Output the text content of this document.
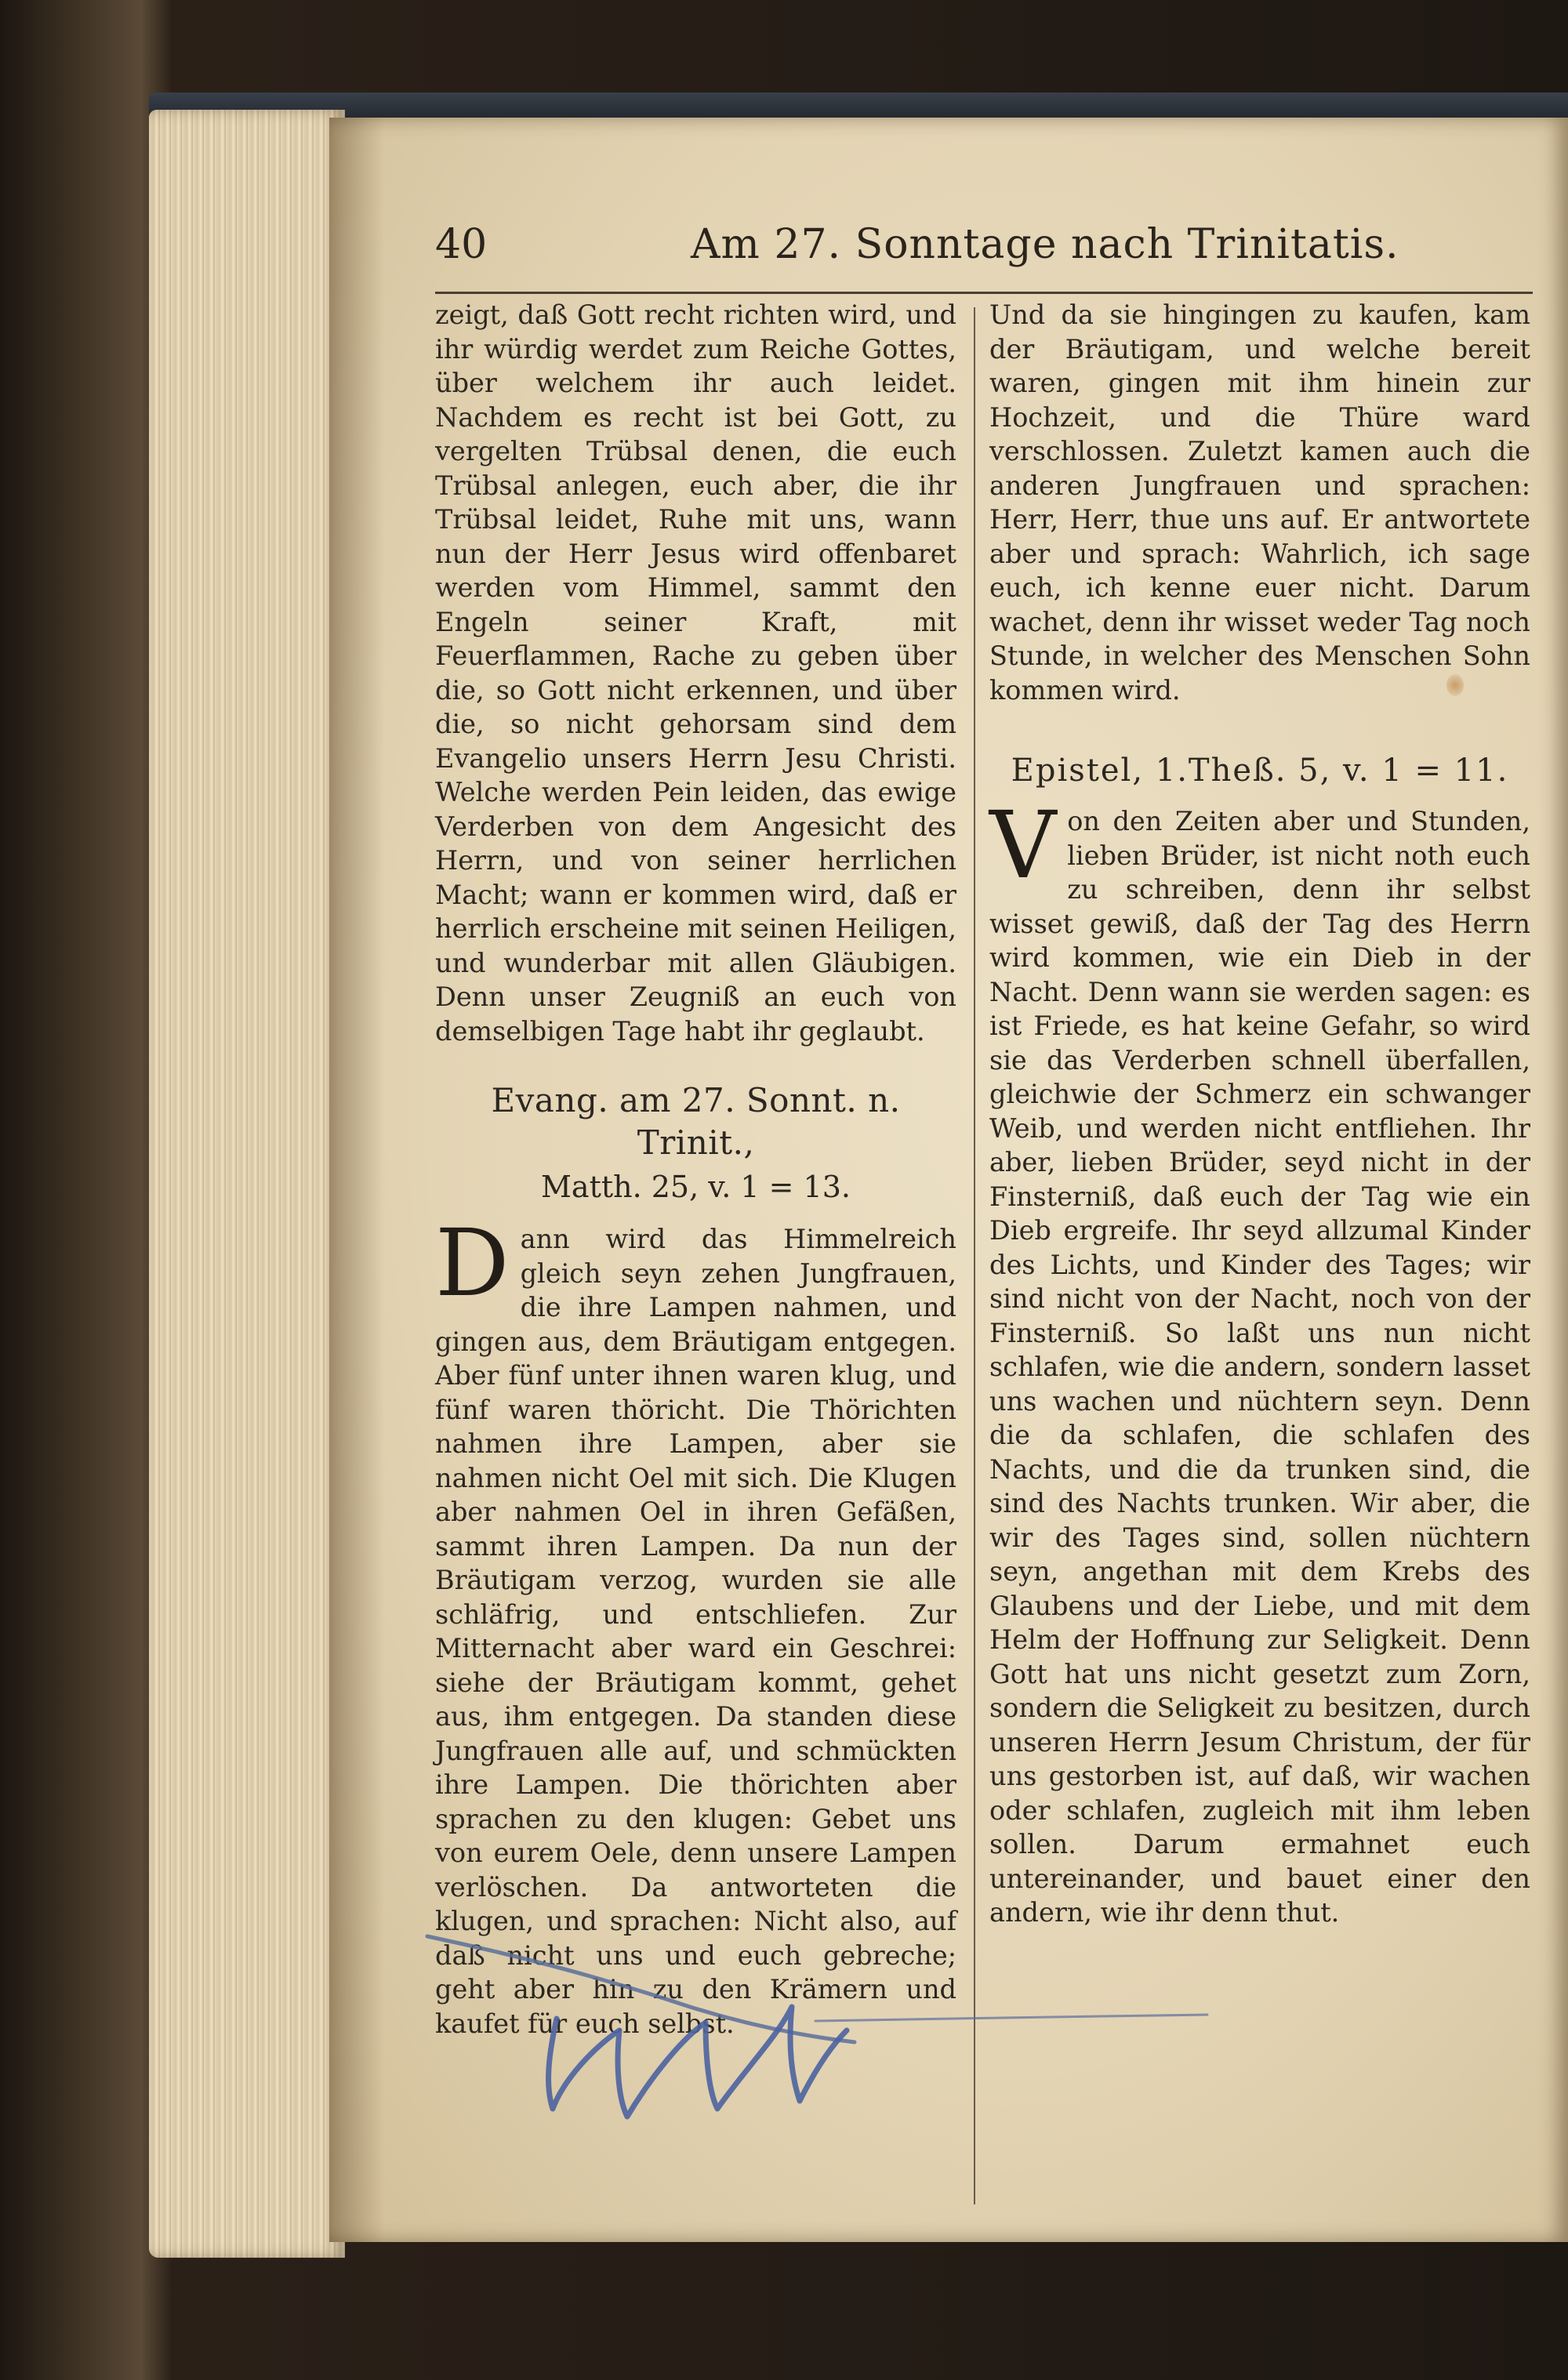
40	Am 27. Sonntage nach Trinitatis.

zeigt, daß Gott recht richten wird, und ihr würdig werdet zum Reiche Gottes, über welchem ihr auch leidet. Nachdem es recht ist bei Gott, zu vergelten Trübsal denen, die euch Trübsal anlegen, euch aber, die ihr Trübsal leidet, Ruhe mit uns, wann nun der Herr Jesus wird offenbaret werden vom Himmel, sammt den Engeln seiner Kraft, mit Feuerflammen, Rache zu geben über die, so Gott nicht erkennen, und über die, so nicht gehorsam sind dem Evangelio unsers Herrn Jesu Christi. Welche werden Pein leiden, das ewige Verderben von dem Angesicht des Herrn, und von seiner herrlichen Macht; wann er kommen wird, daß er herrlich erscheine mit seinen Heiligen, und wunderbar mit allen Gläubigen. Denn unser Zeugniß an euch von demselbigen Tage habt ihr geglaubt.

Evang. am 27. Sonnt. n. Trinit.,
Matth. 25, v. 1 = 13.

D ann wird das Himmelreich gleich seyn zehen Jungfrauen, die ihre Lampen nahmen, und gingen aus, dem Bräutigam entgegen. Aber fünf unter ihnen waren klug, und fünf waren thöricht. Die Thörichten nahmen ihre Lampen, aber sie nahmen nicht Oel mit sich. Die Klugen aber nahmen Oel in ihren Gefäßen, sammt ihren Lampen. Da nun der Bräutigam verzog, wurden sie alle schläfrig, und entschliefen. Zur Mitternacht aber ward ein Geschrei: siehe der Bräutigam kommt, gehet aus, ihm entgegen. Da standen diese Jungfrauen alle auf, und schmückten ihre Lampen. Die thörichten aber sprachen zu den klugen: Gebet uns von eurem Oele, denn unsere Lampen verlöschen. Da antworteten die klugen, und sprachen: Nicht also, auf daß nicht uns und euch gebreche; geht aber hin zu den Krämern und kaufet für euch selbst.

Und da sie hingingen zu kaufen, kam der Bräutigam, und welche bereit waren, gingen mit ihm hinein zur Hochzeit, und die Thüre ward verschlossen. Zuletzt kamen auch die anderen Jungfrauen und sprachen: Herr, Herr, thue uns auf. Er antwortete aber und sprach: Wahrlich, ich sage euch, ich kenne euer nicht. Darum wachet, denn ihr wisset weder Tag noch Stunde, in welcher des Menschen Sohn kommen wird.

Epistel, 1.Theß. 5, v. 1 = 11.

V on den Zeiten aber und Stunden, lieben Brüder, ist nicht noth euch zu schreiben, denn ihr selbst wisset gewiß, daß der Tag des Herrn wird kommen, wie ein Dieb in der Nacht. Denn wann sie werden sagen: es ist Friede, es hat keine Gefahr, so wird sie das Verderben schnell überfallen, gleichwie der Schmerz ein schwanger Weib, und werden nicht entfliehen. Ihr aber, lieben Brüder, seyd nicht in der Finsterniß, daß euch der Tag wie ein Dieb ergreife. Ihr seyd allzumal Kinder des Lichts, und Kinder des Tages; wir sind nicht von der Nacht, noch von der Finsterniß. So laßt uns nun nicht schlafen, wie die andern, sondern lasset uns wachen und nüchtern seyn. Denn die da schlafen, die schlafen des Nachts, und die da trunken sind, die sind des Nachts trunken. Wir aber, die wir des Tages sind, sollen nüchtern seyn, angethan mit dem Krebs des Glaubens und der Liebe, und mit dem Helm der Hoffnung zur Seligkeit. Denn Gott hat uns nicht gesetzt zum Zorn, sondern die Seligkeit zu besitzen, durch unseren Herrn Jesum Christum, der für uns gestorben ist, auf daß, wir wachen oder schlafen, zugleich mit ihm leben sollen. Darum ermahnet euch untereinander, und bauet einer den andern, wie ihr denn thut.
